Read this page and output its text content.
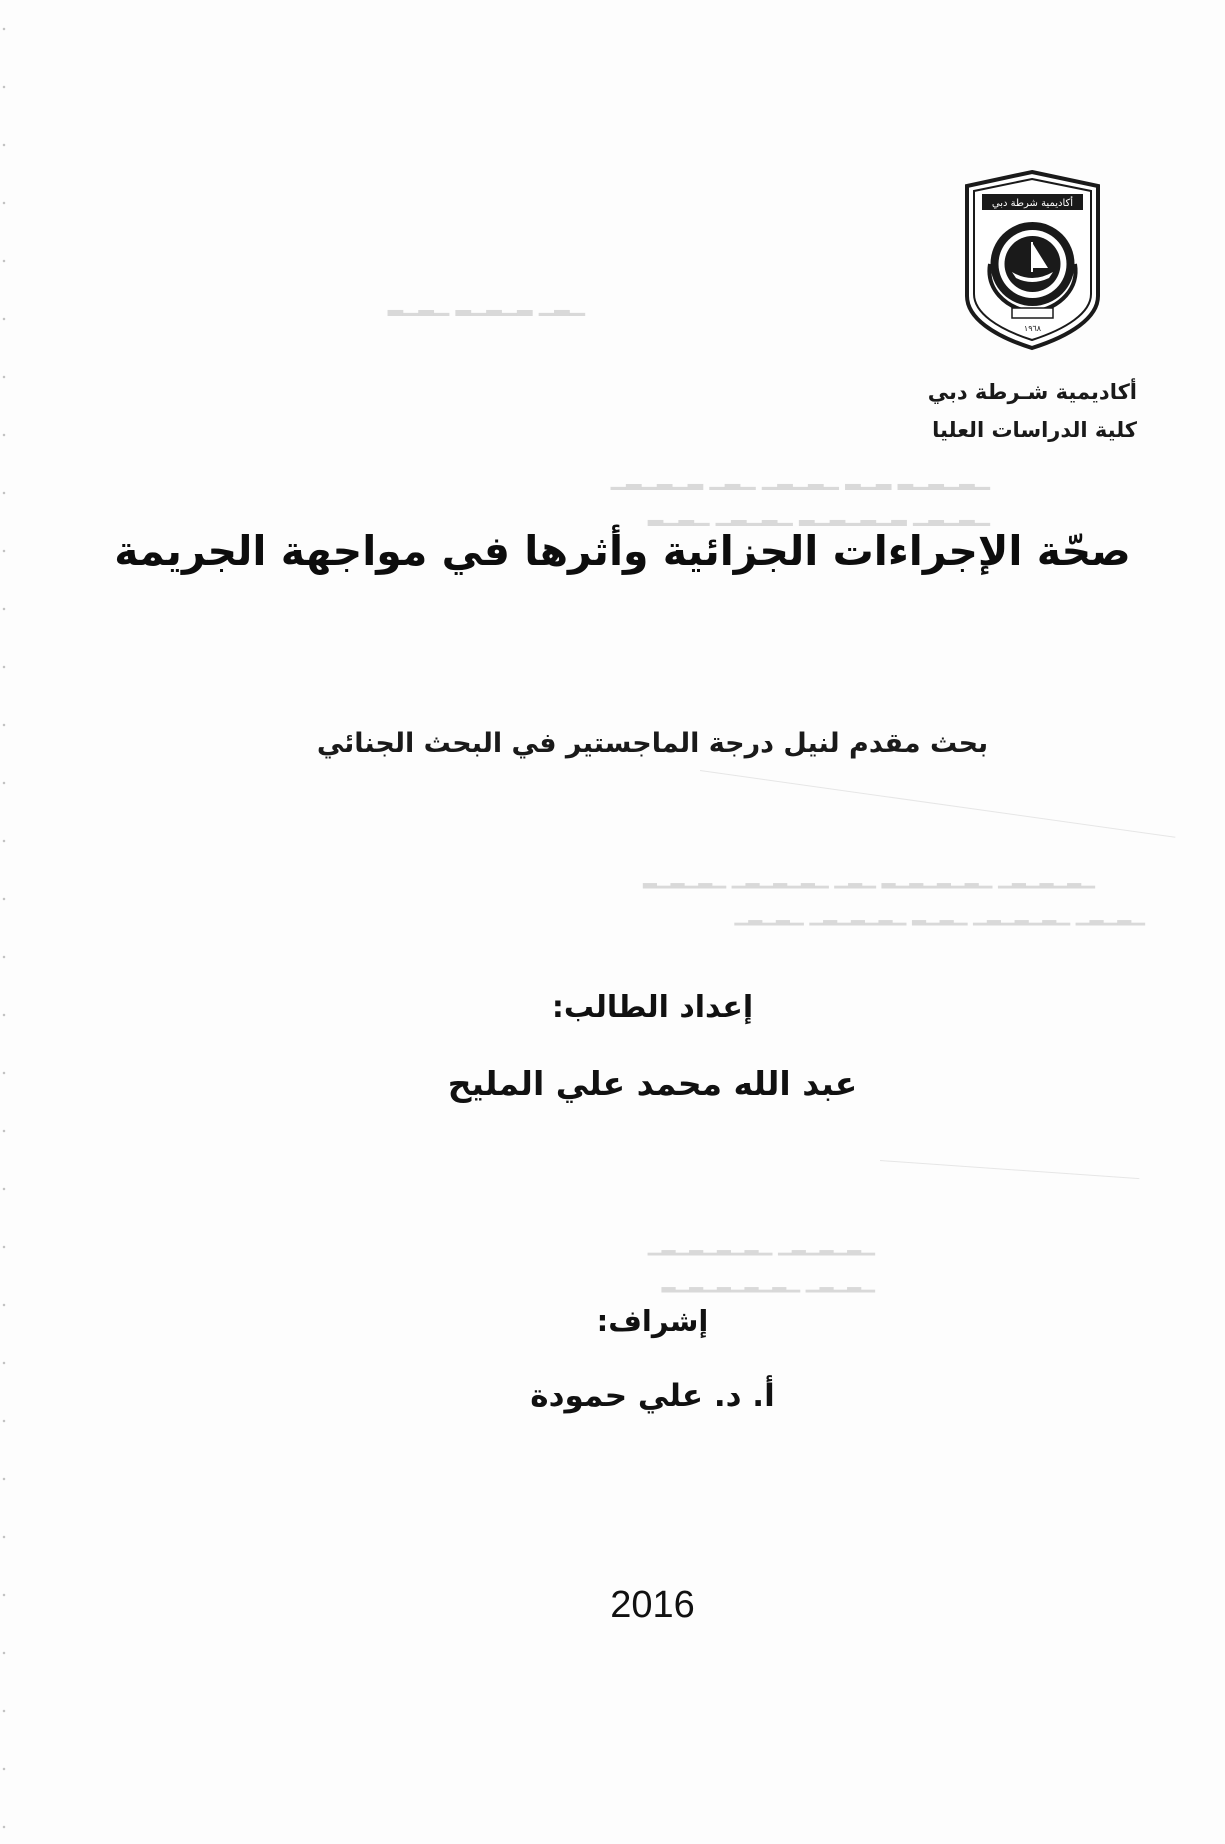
▁▂▁ ▂▁▂▁▂ ▁▂▁▂
▁▂▁▂▁▂ ▂▁▂ ▁▂▁▂▁ ▁▂▁ ▂▁▂▁▂▁
▁▂▁▂▁ ▂▁▂▁▂▁▂ ▁▂▁▂▁ ▁▂▁▂
▁▂▁▂▁▂▁ ▁▂▁▂▁▂▁▂ ▁▂▁ ▁▂▁▂▁▂▁ ▁▂▁▂▁▂
▁▂▁▂▁ ▁▂▁▂▁▂▁ ▁▂▁▂ ▁▂▁▂▁▂▁ ▁▂▁▂▁
▁▂▁▂▁▂▁ ▁▂▁▂▁▂▁▂▁
▁▂▁▂▁ ▁▂▁▂▁▂▁▂▁▂
أكاديمية شرطة دبي
١٩٦٨
أكاديمية شـرطة دبي
كلية الدراسات العليا
صحّة الإجراءات الجزائية وأثرها في مواجهة الجريمة
بحث مقدم لنيل درجة الماجستير في البحث الجنائي
إعداد الطالب:
عبد الله محمد علي المليح
إشراف:
أ. د. علي حمودة
2016
